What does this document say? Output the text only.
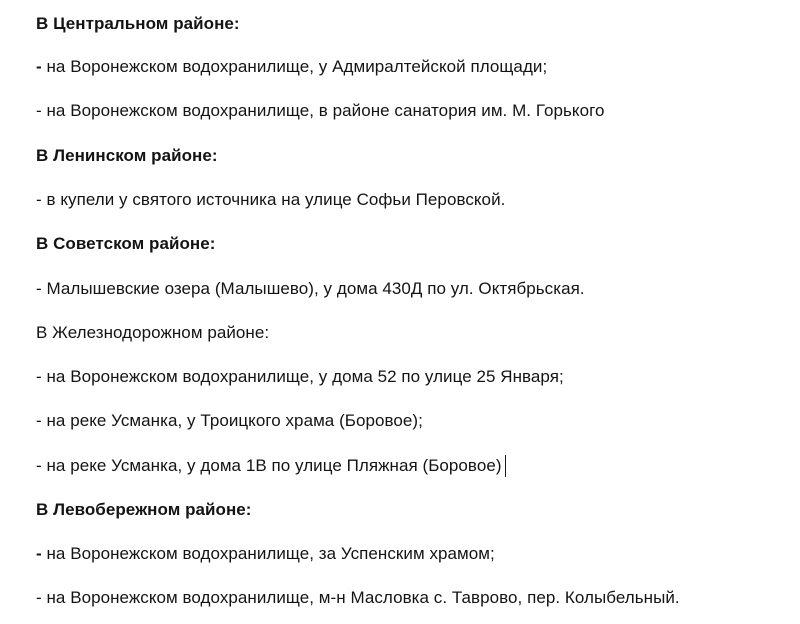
В Центральном районе:
- на Воронежском водохранилище, у Адмиралтейской площади;
- на Воронежском водохранилище, в районе санатория им. М. Горького
В Ленинском районе:
- в купели у святого источника на улице Софьи Перовской.
В Советском районе:
- Малышевские озера (Малышево), у дома 430Д по ул. Октябрьская.
В Железнодорожном районе:
- на Воронежском водохранилище, у дома 52 по улице 25 Января;
- на реке Усманка, у Троицкого храма (Боровое);
- на реке Усманка, у дома 1В по улице Пляжная (Боровое)
В Левобережном районе:
- на Воронежском водохранилище, за Успенским храмом;
- на Воронежском водохранилище, м-н Масловка с. Таврово, пер. Колыбельный.
